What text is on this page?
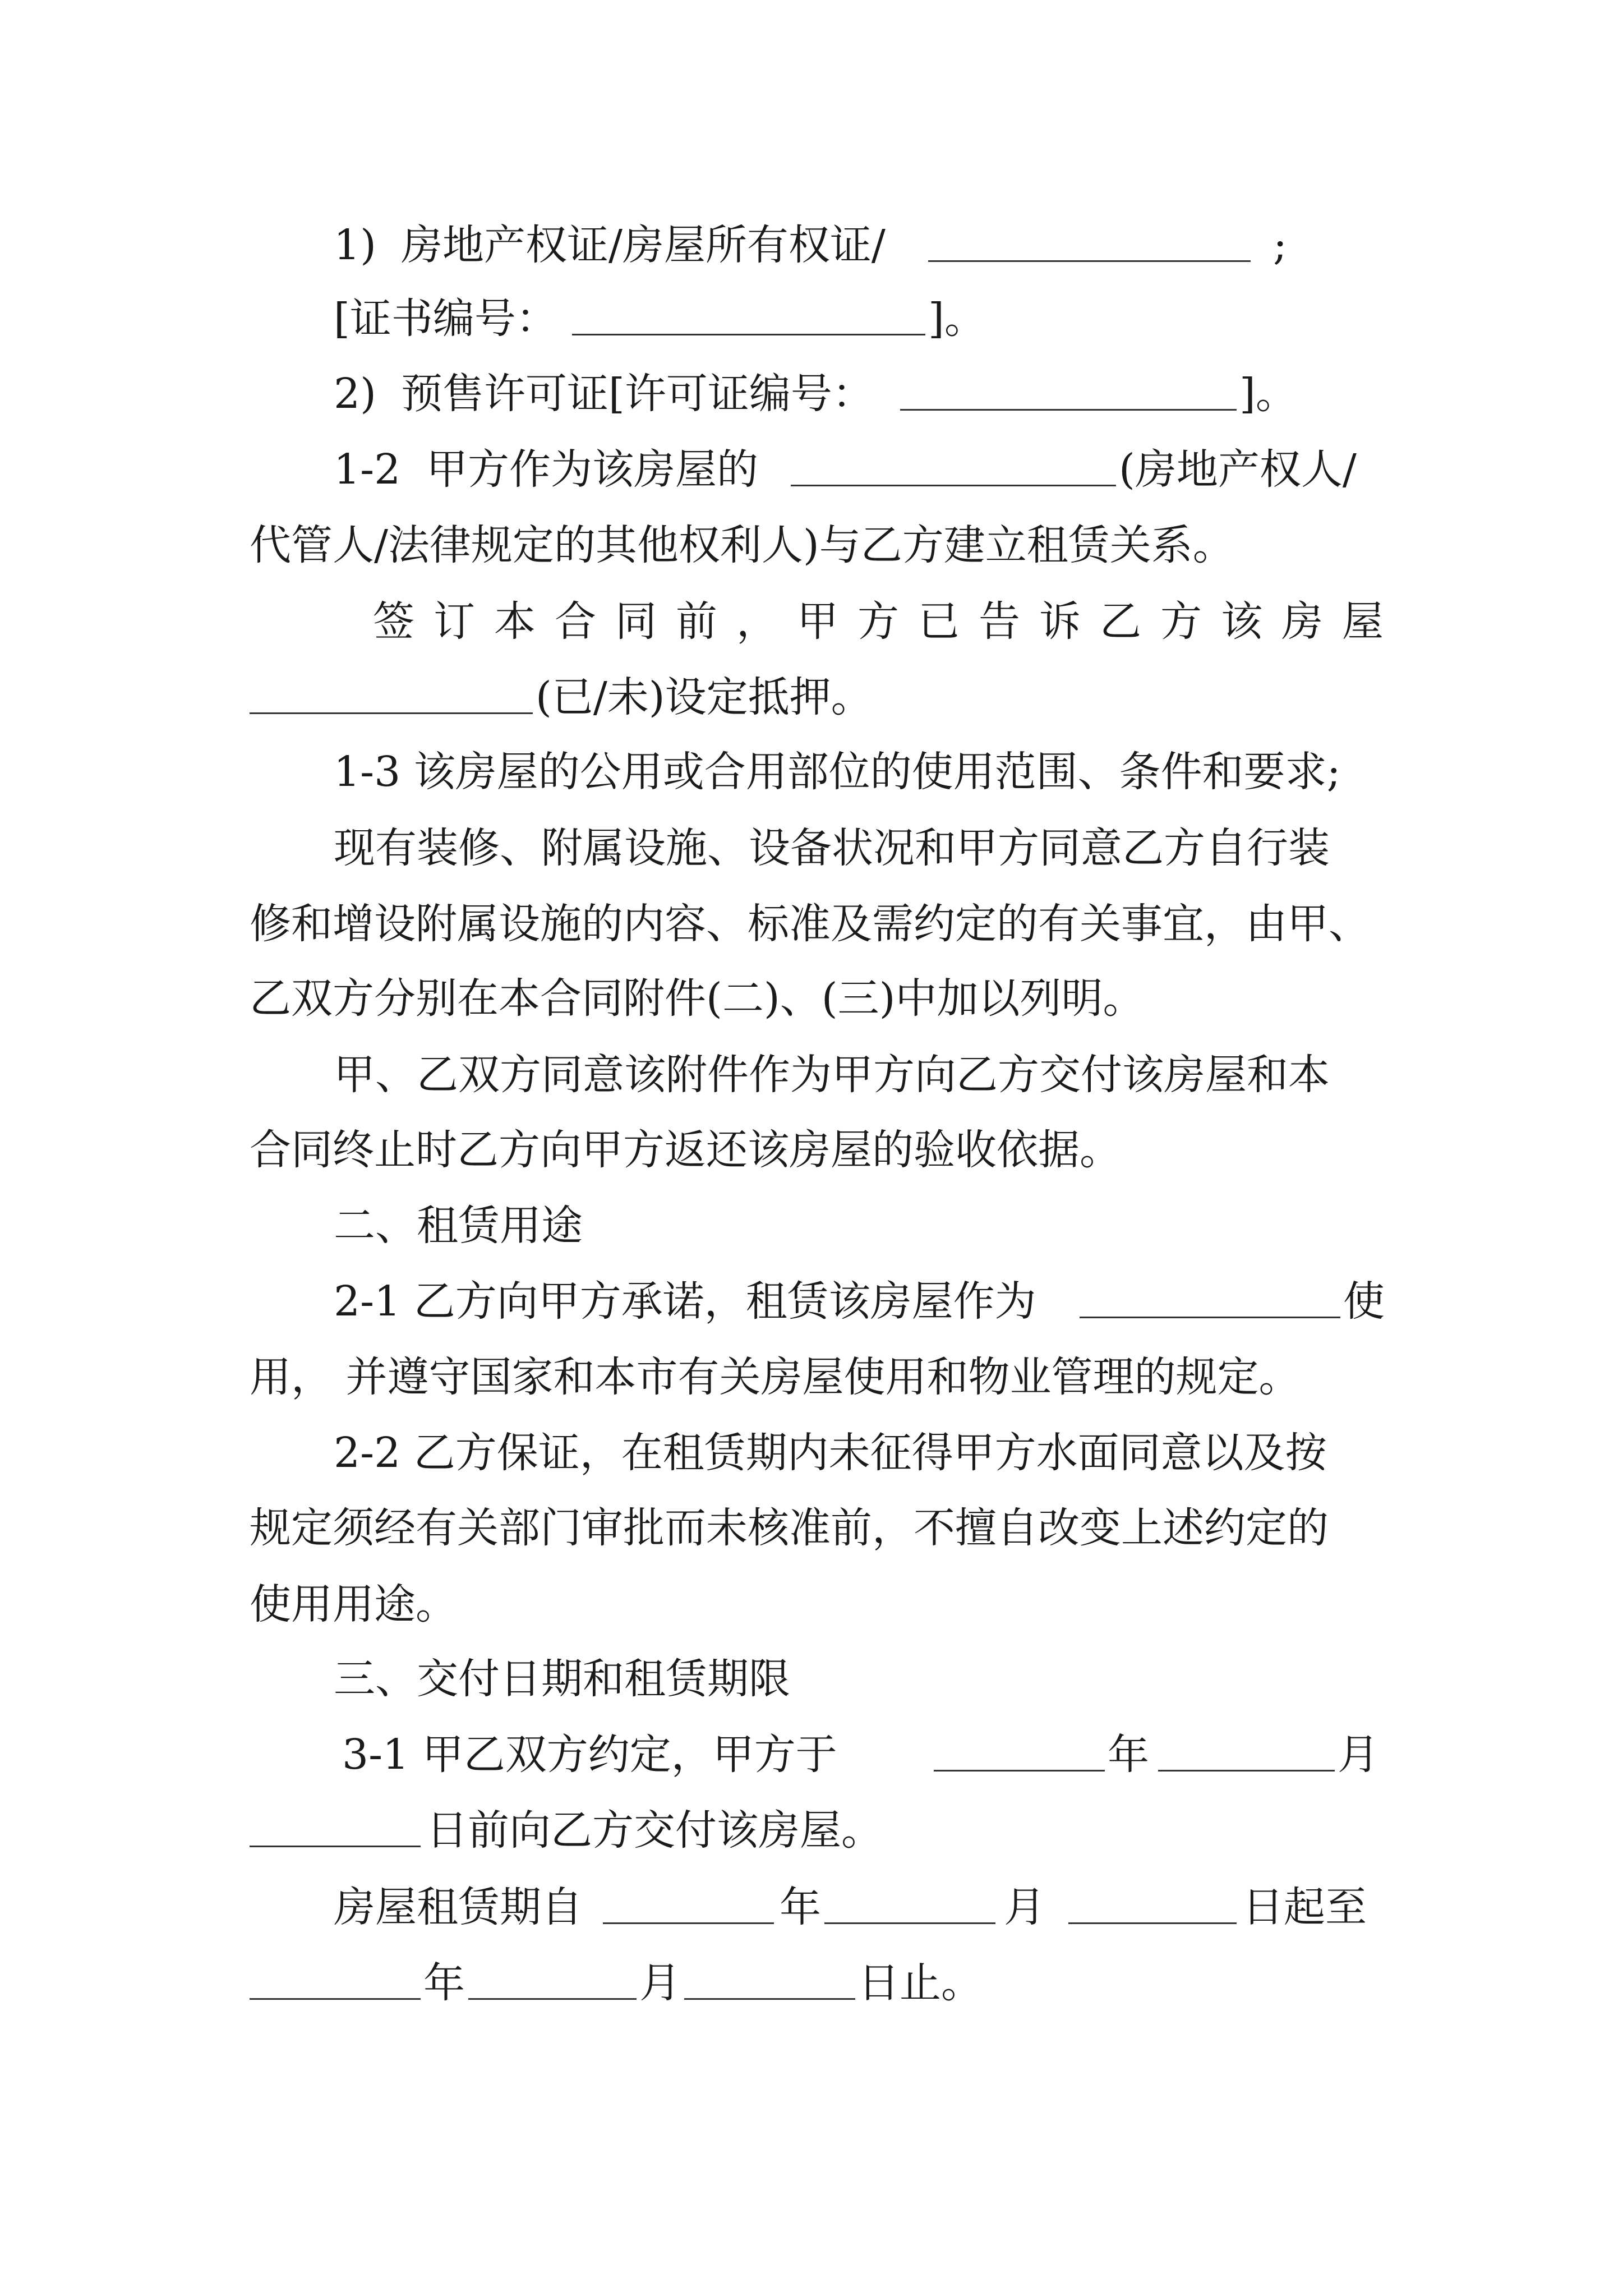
1) 房地产权证/房屋所有权证/	;
[证书编号：	]。
2) 预售许可证[许可证编号：	]。
1-2 甲方作为该房屋的	(房地产权人/
代管人/法律规定的其他权利人)与乙方建立租赁关系。
签 订 本 合 同 前 ， 甲 方 已 告 诉 乙 方 该 房 屋
(已/未)设定抵押。
1-3 该房屋的公用或合用部位的使用范围、条件和要求;
现有装修、附属设施、设备状况和甲方同意乙方自行装
修和增设附属设施的内容、标准及需约定的有关事宜，由甲、
乙双方分别在本合同附件(二)、(三)中加以列明。
甲、乙双方同意该附件作为甲方向乙方交付该房屋和本
合同终止时乙方向甲方返还该房屋的验收依据。
二、租赁用途
2-1 乙方向甲方承诺，租赁该房屋作为	使
用， 并遵守国家和本市有关房屋使用和物业管理的规定。
2-2 乙方保证，在租赁期内未征得甲方水面同意以及按
规定须经有关部门审批而未核准前，不擅自改变上述约定的
使用用途。
三、交付日期和租赁期限
3-1 甲乙双方约定，甲方于	年	月
日前向乙方交付该房屋。
房屋租赁期自	年	月	日起至
年	月	日止。
